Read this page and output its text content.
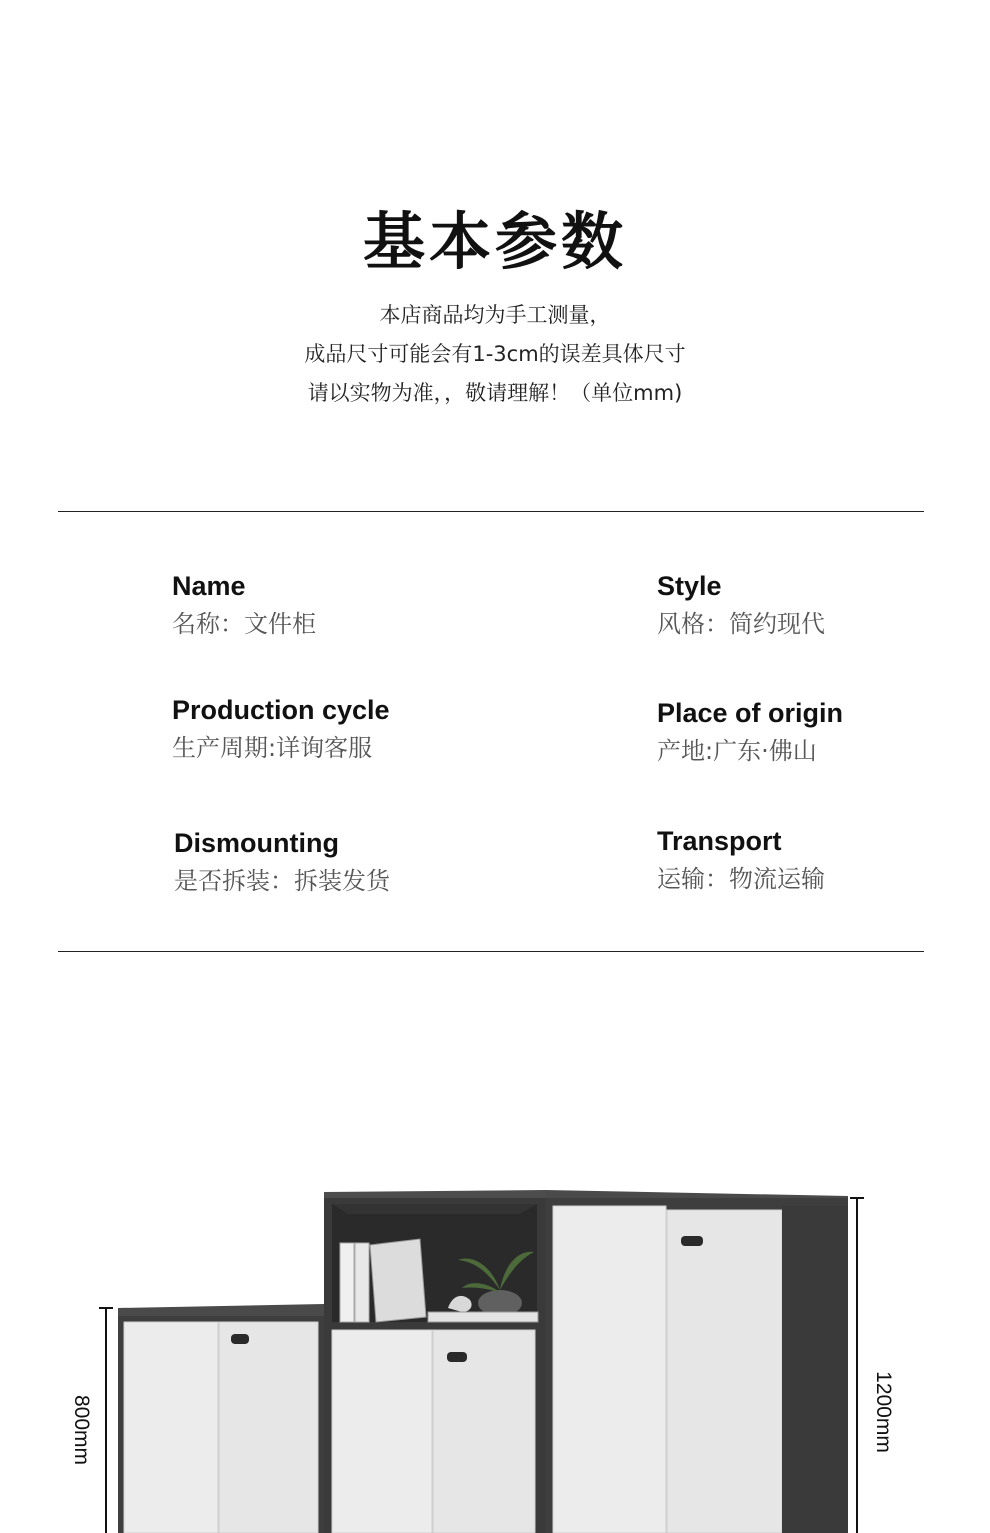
基本参数
本店商品均为手工测量，
成品尺寸可能会有1-3cm的误差具体尺寸
请以实物为准，，敬请理解！（单位mm)
Name
名称：文件柜
Style
风格：简约现代
Production cycle
生产周期:详询客服
Place of origin
产地:广东·佛山
Dismounting
是否拆装：拆装发货
Transport
运输：物流运输
800mm	1200mm
